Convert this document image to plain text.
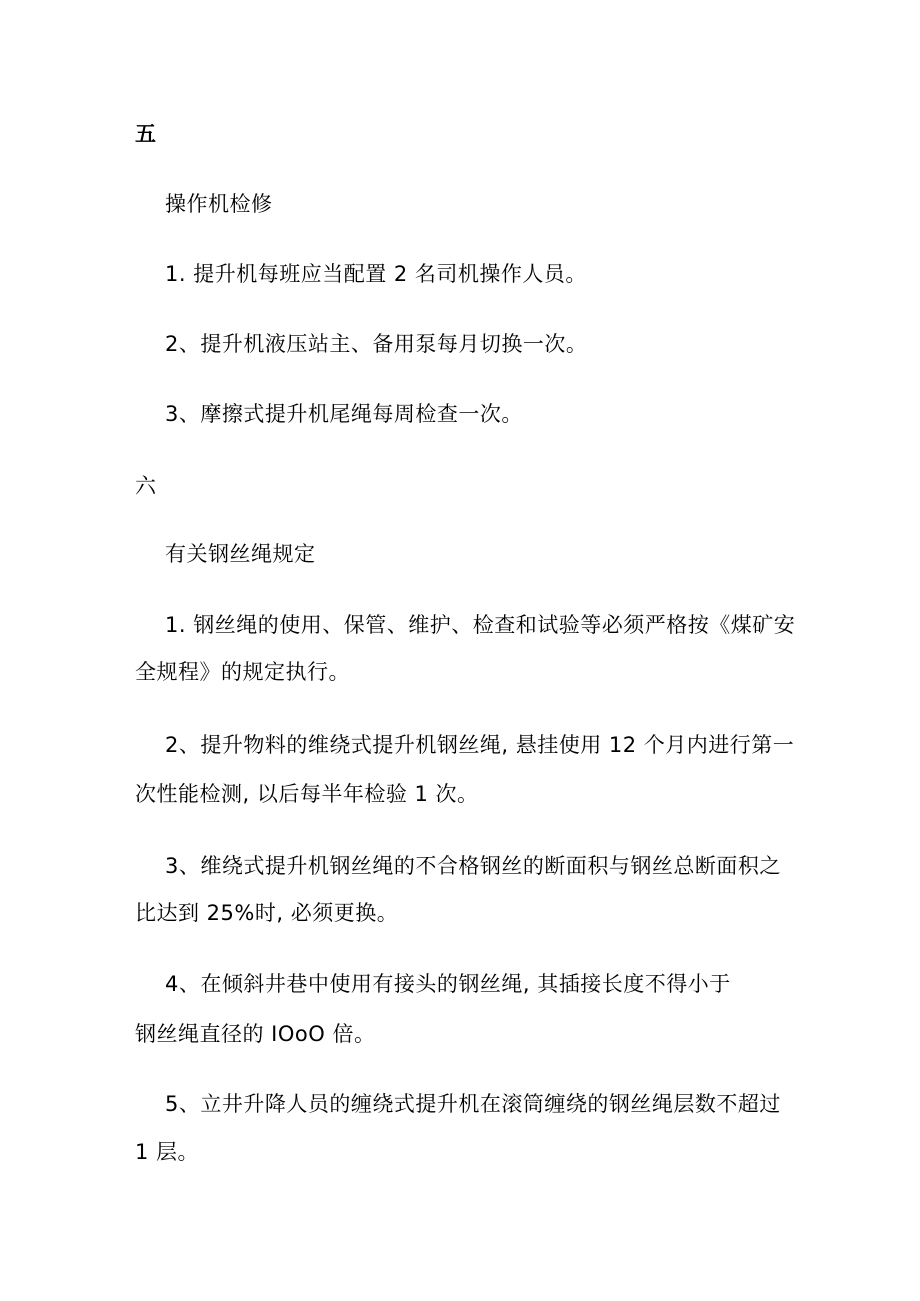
五
操作机检修
1. 提升机每班应当配置 2 名司机操作人员。
2、提升机液压站主、备用泵每月切换一次。
3、摩擦式提升机尾绳每周检查一次。
六
有关钢丝绳规定
1. 钢丝绳的使用、保管、维护、检查和试验等必须严格按《煤矿安
全规程》的规定执行。
2、提升物料的维绕式提升机钢丝绳, 悬挂使用 12 个月内进行第一
次性能检测, 以后每半年检验 1 次。
3、维绕式提升机钢丝绳的不合格钢丝的断面积与钢丝总断面积之
比达到 25%时, 必须更换。
4、在倾斜井巷中使用有接头的钢丝绳, 其插接长度不得小于
钢丝绳直径的 IOoO 倍。
5、立井升降人员的缠绕式提升机在滚筒缠绕的钢丝绳层数不超过
1 层。
